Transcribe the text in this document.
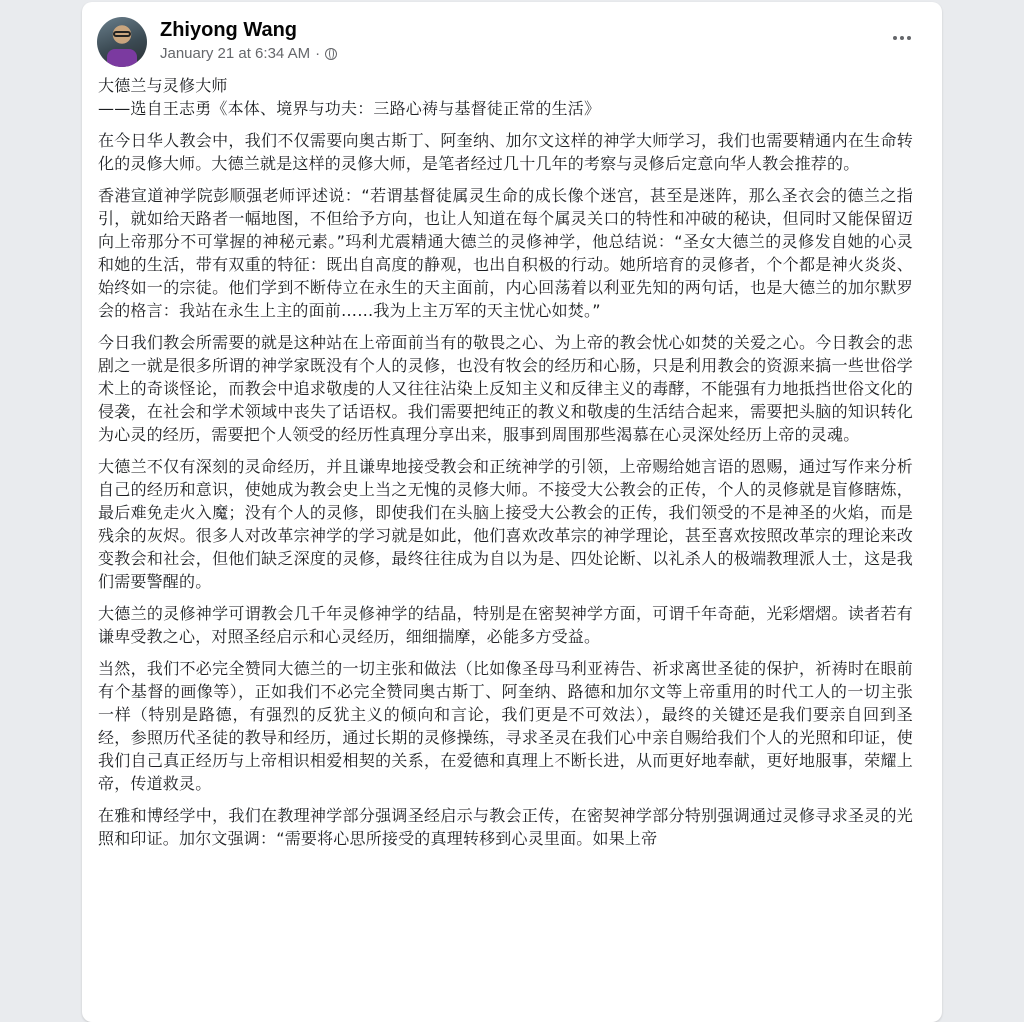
Zhiyong Wang
January 21 at 6:34 AM ·

大德兰与灵修大师

——选自王志勇《本体、境界与功夫：三路心祷与基督徒正常的生活》

在今日华人教会中，我们不仅需要向奥古斯丁、阿奎纳、加尔文这样的神学大师学习，我们也需要精通内在生命转化的灵修大师。大德兰就是这样的灵修大师，是笔者经过几十几年的考察与灵修后定意向华人教会推荐的。

香港宣道神学院彭顺强老师评述说：“若谓基督徒属灵生命的成长像个迷宫，甚至是迷阵，那么圣衣会的德兰之指引，就如给天路者一幅地图，不但给予方向，也让人知道在每个属灵关口的特性和冲破的秘诀，但同时又能保留迈向上帝那分不可掌握的神秘元素。”玛利尤震精通大德兰的灵修神学，他总结说：“圣女大德兰的灵修发自她的心灵和她的生活，带有双重的特征：既出自高度的静观，也出自积极的行动。她所培育的灵修者，个个都是神火炎炎、始终如一的宗徒。他们学到不断侍立在永生的天主面前，内心回荡着以利亚先知的两句话，也是大德兰的加尔默罗会的格言：我站在永生上主的面前……我为上主万军的天主忧心如焚。”

今日我们教会所需要的就是这种站在上帝面前当有的敬畏之心、为上帝的教会忧心如焚的关爱之心。今日教会的悲剧之一就是很多所谓的神学家既没有个人的灵修，也没有牧会的经历和心肠，只是利用教会的资源来搞一些世俗学术上的奇谈怪论，而教会中追求敬虔的人又往往沾染上反知主义和反律主义的毒酵，不能强有力地抵挡世俗文化的侵袭，在社会和学术领域中丧失了话语权。我们需要把纯正的教义和敬虔的生活结合起来，需要把头脑的知识转化为心灵的经历，需要把个人领受的经历性真理分享出来，服事到周围那些渴慕在心灵深处经历上帝的灵魂。

大德兰不仅有深刻的灵命经历，并且谦卑地接受教会和正统神学的引领，上帝赐给她言语的恩赐，通过写作来分析自己的经历和意识，使她成为教会史上当之无愧的灵修大师。不接受大公教会的正传，个人的灵修就是盲修瞎炼，最后难免走火入魔；没有个人的灵修，即使我们在头脑上接受大公教会的正传，我们领受的不是神圣的火焰，而是残余的灰烬。很多人对改革宗神学的学习就是如此，他们喜欢改革宗的神学理论，甚至喜欢按照改革宗的理论来改变教会和社会，但他们缺乏深度的灵修，最终往往成为自以为是、四处论断、以礼杀人的极端教理派人士，这是我们需要警醒的。

大德兰的灵修神学可谓教会几千年灵修神学的结晶，特别是在密契神学方面，可谓千年奇葩，光彩熠熠。读者若有谦卑受教之心，对照圣经启示和心灵经历，细细揣摩，必能多方受益。

当然，我们不必完全赞同大德兰的一切主张和做法（比如像圣母马利亚祷告、祈求离世圣徒的保护，祈祷时在眼前有个基督的画像等），正如我们不必完全赞同奥古斯丁、阿奎纳、路德和加尔文等上帝重用的时代工人的一切主张一样（特别是路德，有强烈的反犹主义的倾向和言论，我们更是不可效法），最终的关键还是我们要亲自回到圣经，参照历代圣徒的教导和经历，通过长期的灵修操练，寻求圣灵在我们心中亲自赐给我们个人的光照和印证，使我们自己真正经历与上帝相识相爱相契的关系，在爱德和真理上不断长进，从而更好地奉献，更好地服事，荣耀上帝，传道救灵。

在雅和博经学中，我们在教理神学部分强调圣经启示与教会正传，在密契神学部分特别强调通过灵修寻求圣灵的光照和印证。加尔文强调：“需要将心思所接受的真理转移到心灵里面。如果上帝
